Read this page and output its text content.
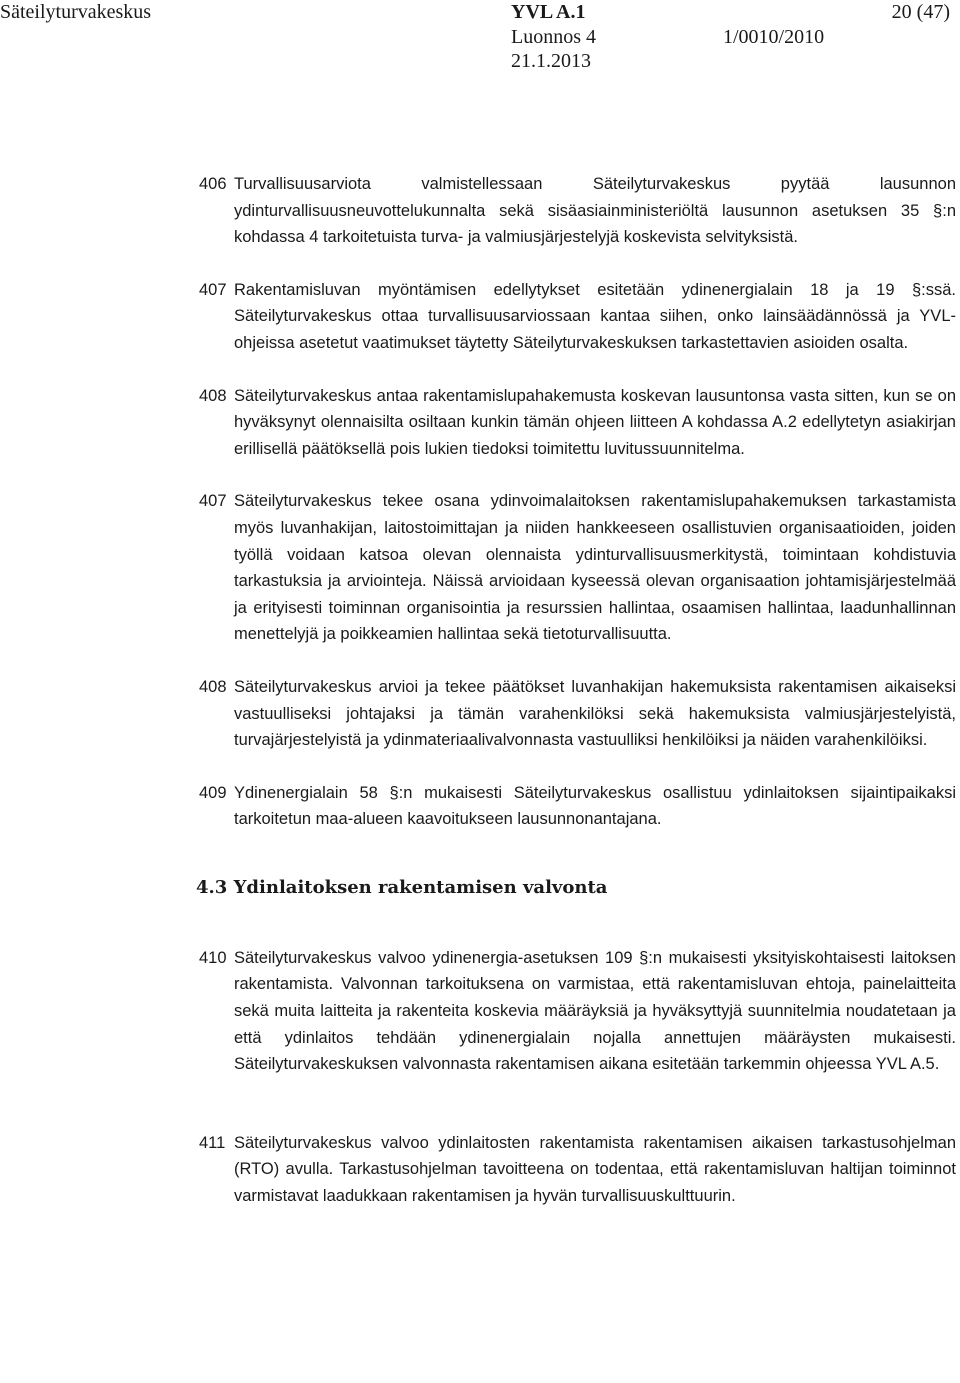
Säteilyturvakeskus	YVL A.1	20 (47)
Luonnos 4	1/0010/2010
21.1.2013
406 Turvallisuusarviota valmistellessaan Säteilyturvakeskus pyytää lausunnon ydinturvallisuusneuvottelukunnalta sekä sisäasiainministeriöltä lausunnon asetuksen 35 §:n kohdassa 4 tarkoitetuista turva- ja valmiusjärjestelyjä koskevista selvityksistä.
407 Rakentamisluvan myöntämisen edellytykset esitetään ydinenergialain 18 ja 19 §:ssä. Säteilyturvakeskus ottaa turvallisuusarviossaan kantaa siihen, onko lainsäädännössä ja YVL-ohjeissa asetetut vaatimukset täytetty Säteilyturvakeskuksen tarkastettavien asioiden osalta.
408 Säteilyturvakeskus antaa rakentamislupahakemusta koskevan lausuntonsa vasta sitten, kun se on hyväksynyt olennaisilta osiltaan kunkin tämän ohjeen liitteen A kohdassa A.2 edellytetyn asiakirjan erillisellä päätöksellä pois lukien tiedoksi toimitettu luvitussuunnitelma.
407 Säteilyturvakeskus tekee osana ydinvoimalaitoksen rakentamislupahakemuksen tarkastamista myös luvanhakijan, laitostoimittajan ja niiden hankkeeseen osallistuvien organisaatioiden, joiden työllä voidaan katsoa olevan olennaista ydinturvallisuusmerkitystä, toimintaan kohdistuvia tarkastuksia ja arviointeja. Näissä arvioidaan kyseessä olevan organisaation johtamisjärjestelmää ja erityisesti toiminnan organisointia ja resurssien hallintaa, osaamisen hallintaa, laadunhallinnan menettelyjä ja poikkeamien hallintaa sekä tietoturvallisuutta.
408 Säteilyturvakeskus arvioi ja tekee päätökset luvanhakijan hakemuksista rakentamisen aikaiseksi vastuulliseksi johtajaksi ja tämän varahenkilöksi sekä hakemuksista valmiusjärjestelyistä, turvajärjestelyistä ja ydinmateriaalivalvonnasta vastuulliksi henkilöiksi ja näiden varahenkilöiksi.
409 Ydinenergialain 58 §:n mukaisesti Säteilyturvakeskus osallistuu ydinlaitoksen sijaintipaikaksi tarkoitetun maa-alueen kaavoitukseen lausunnonantajana.
4.3 Ydinlaitoksen rakentamisen valvonta
410 Säteilyturvakeskus valvoo ydinenergia-asetuksen 109 §:n mukaisesti yksityiskohtaisesti laitoksen rakentamista. Valvonnan tarkoituksena on varmistaa, että rakentamisluvan ehtoja, painelaitteita sekä muita laitteita ja rakenteita koskevia määräyksiä ja hyväksyttyjä suunnitelmia noudatetaan ja että ydinlaitos tehdään ydinenergialain nojalla annettujen määräysten mukaisesti. Säteilyturvakeskuksen valvonnasta rakentamisen aikana esitetään tarkemmin ohjeessa YVL A.5.
411 Säteilyturvakeskus valvoo ydinlaitosten rakentamista rakentamisen aikaisen tarkastusohjelman (RTO) avulla. Tarkastusohjelman tavoitteena on todentaa, että rakentamisluvan haltijan toiminnot varmistavat laadukkaan rakentamisen ja hyvän turvallisuuskulttuurin.
